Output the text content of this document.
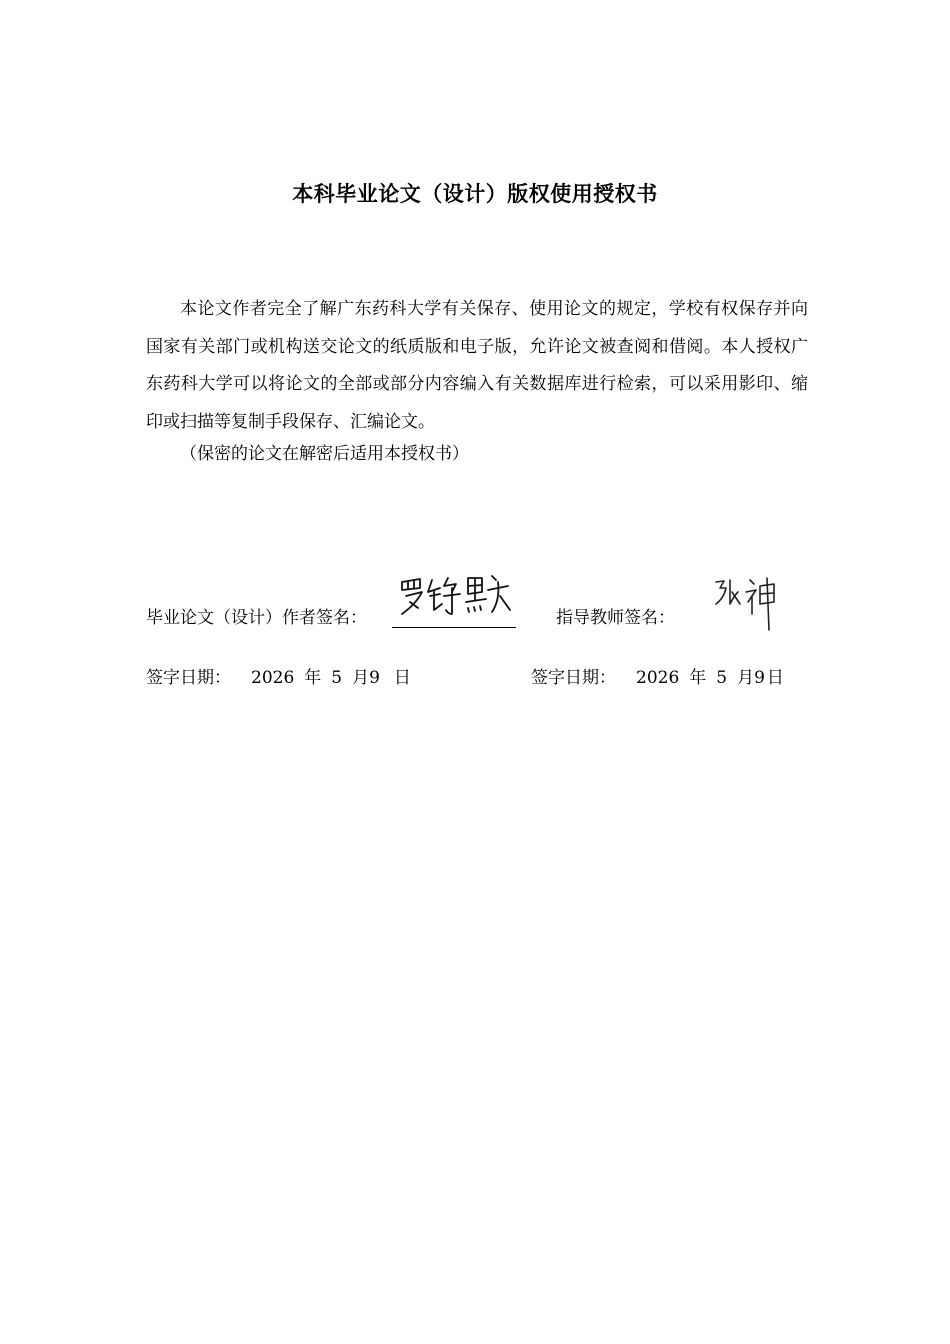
本科毕业论文（设计）版权使用授权书

本论文作者完全了解广东药科大学有关保存、使用论文的规定，学校有权保存并向国家有关部门或机构送交论文的纸质版和电子版，允许论文被查阅和借阅。本人授权广东药科大学可以将论文的全部或部分内容编入有关数据库进行检索，可以采用影印、缩印或扫描等复制手段保存、汇编论文。

（保密的论文在解密后适用本授权书）

毕业论文（设计）作者签名：	指导教师签名：
签字日期： 2026 年 5 月9 日	签字日期： 2026 年 5 月9 日
